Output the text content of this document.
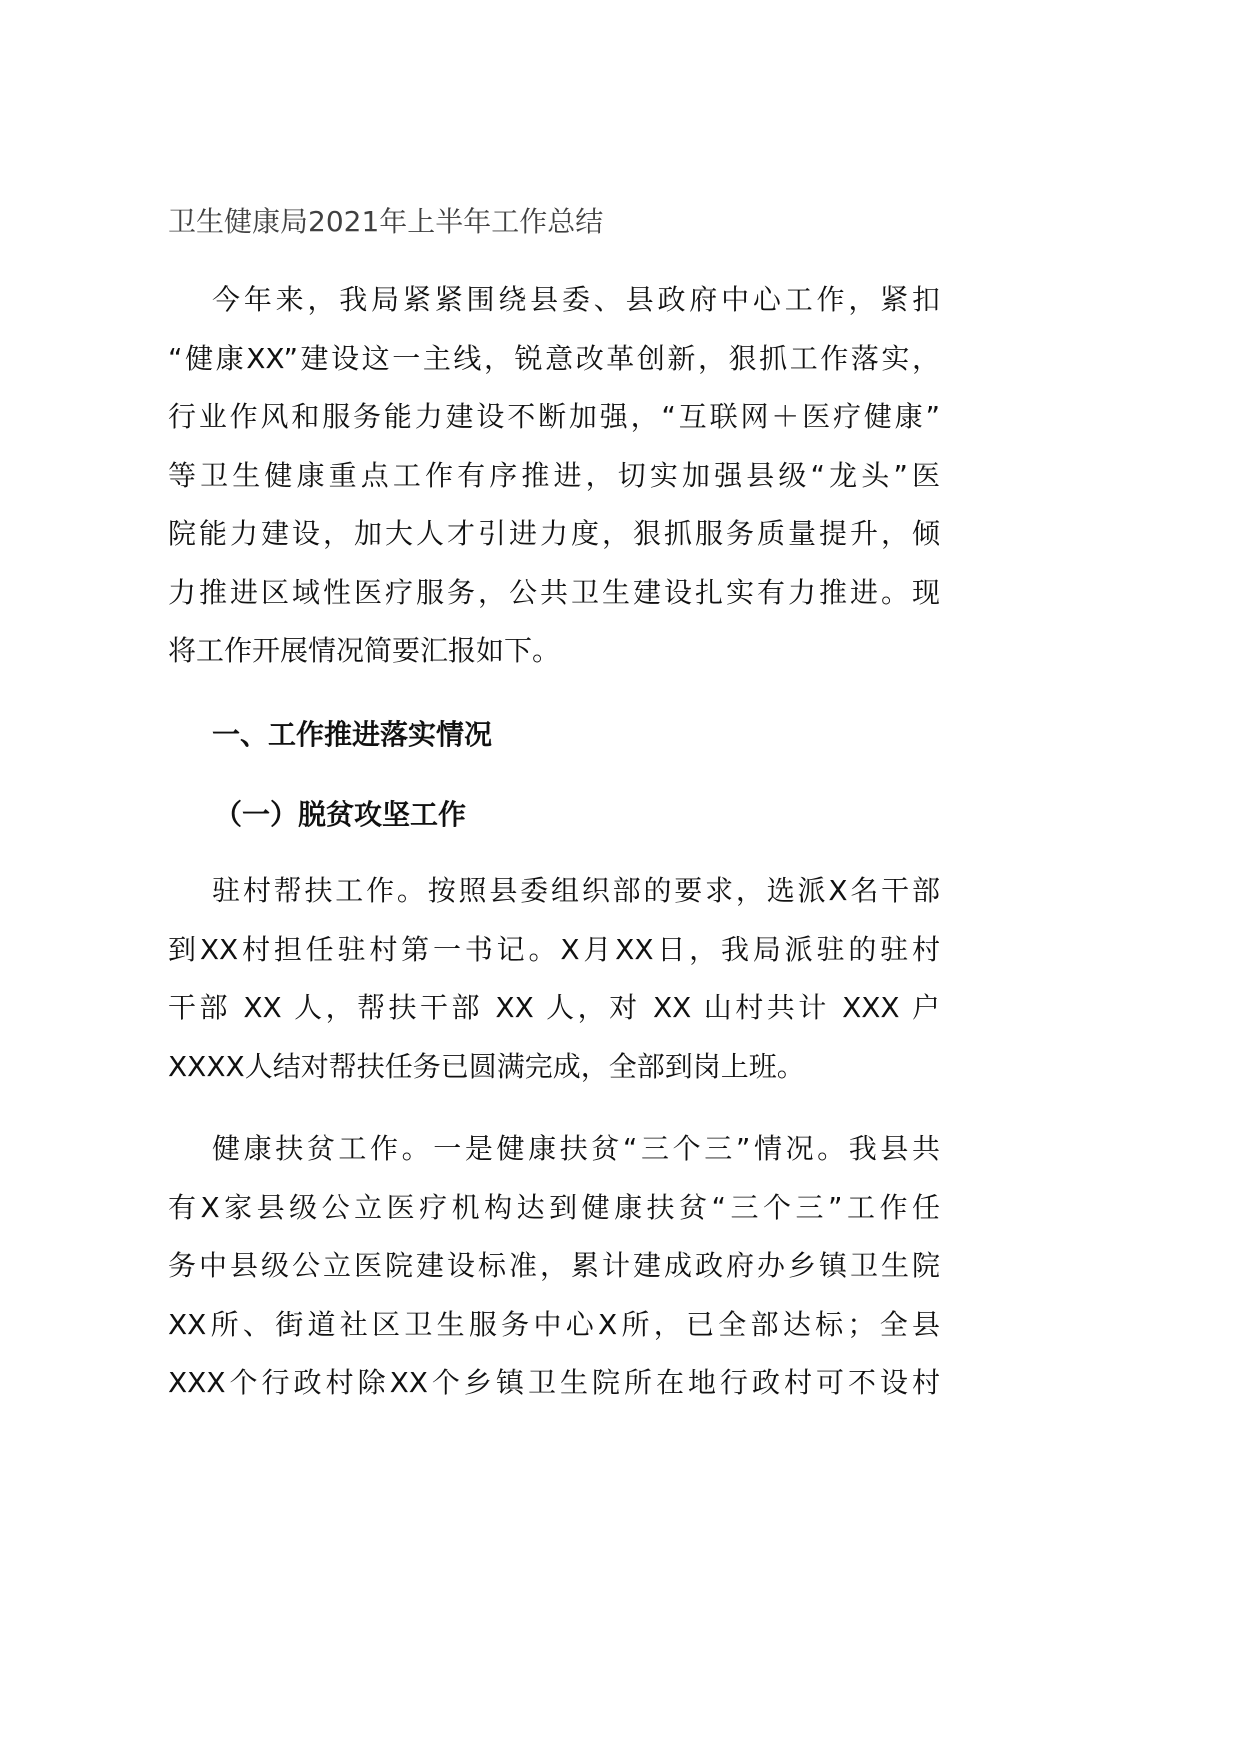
卫生健康局2021年上半年工作总结
今年来，我局紧紧围绕县委、县政府中心工作，紧扣
“健康XX”建设这一主线，锐意改革创新，狠抓工作落实，
行业作风和服务能力建设不断加强，“互联网＋医疗健康”
等卫生健康重点工作有序推进，切实加强县级“龙头”医
院能力建设，加大人才引进力度，狠抓服务质量提升，倾
力推进区域性医疗服务，公共卫生建设扎实有力推进。现
将工作开展情况简要汇报如下。
一、工作推进落实情况
（一）脱贫攻坚工作
驻村帮扶工作。按照县委组织部的要求，选派X名干部
到XX村担任驻村第一书记。X月XX日，我局派驻的驻村
干部 XX 人，帮扶干部 XX 人，对 XX 山村共计 XXX 户
XXXX人结对帮扶任务已圆满完成，全部到岗上班。
健康扶贫工作。一是健康扶贫“三个三”情况。我县共
有X家县级公立医疗机构达到健康扶贫“三个三”工作任
务中县级公立医院建设标准，累计建成政府办乡镇卫生院
XX所、街道社区卫生服务中心X所，已全部达标；全县
XXX个行政村除XX个乡镇卫生院所在地行政村可不设村
